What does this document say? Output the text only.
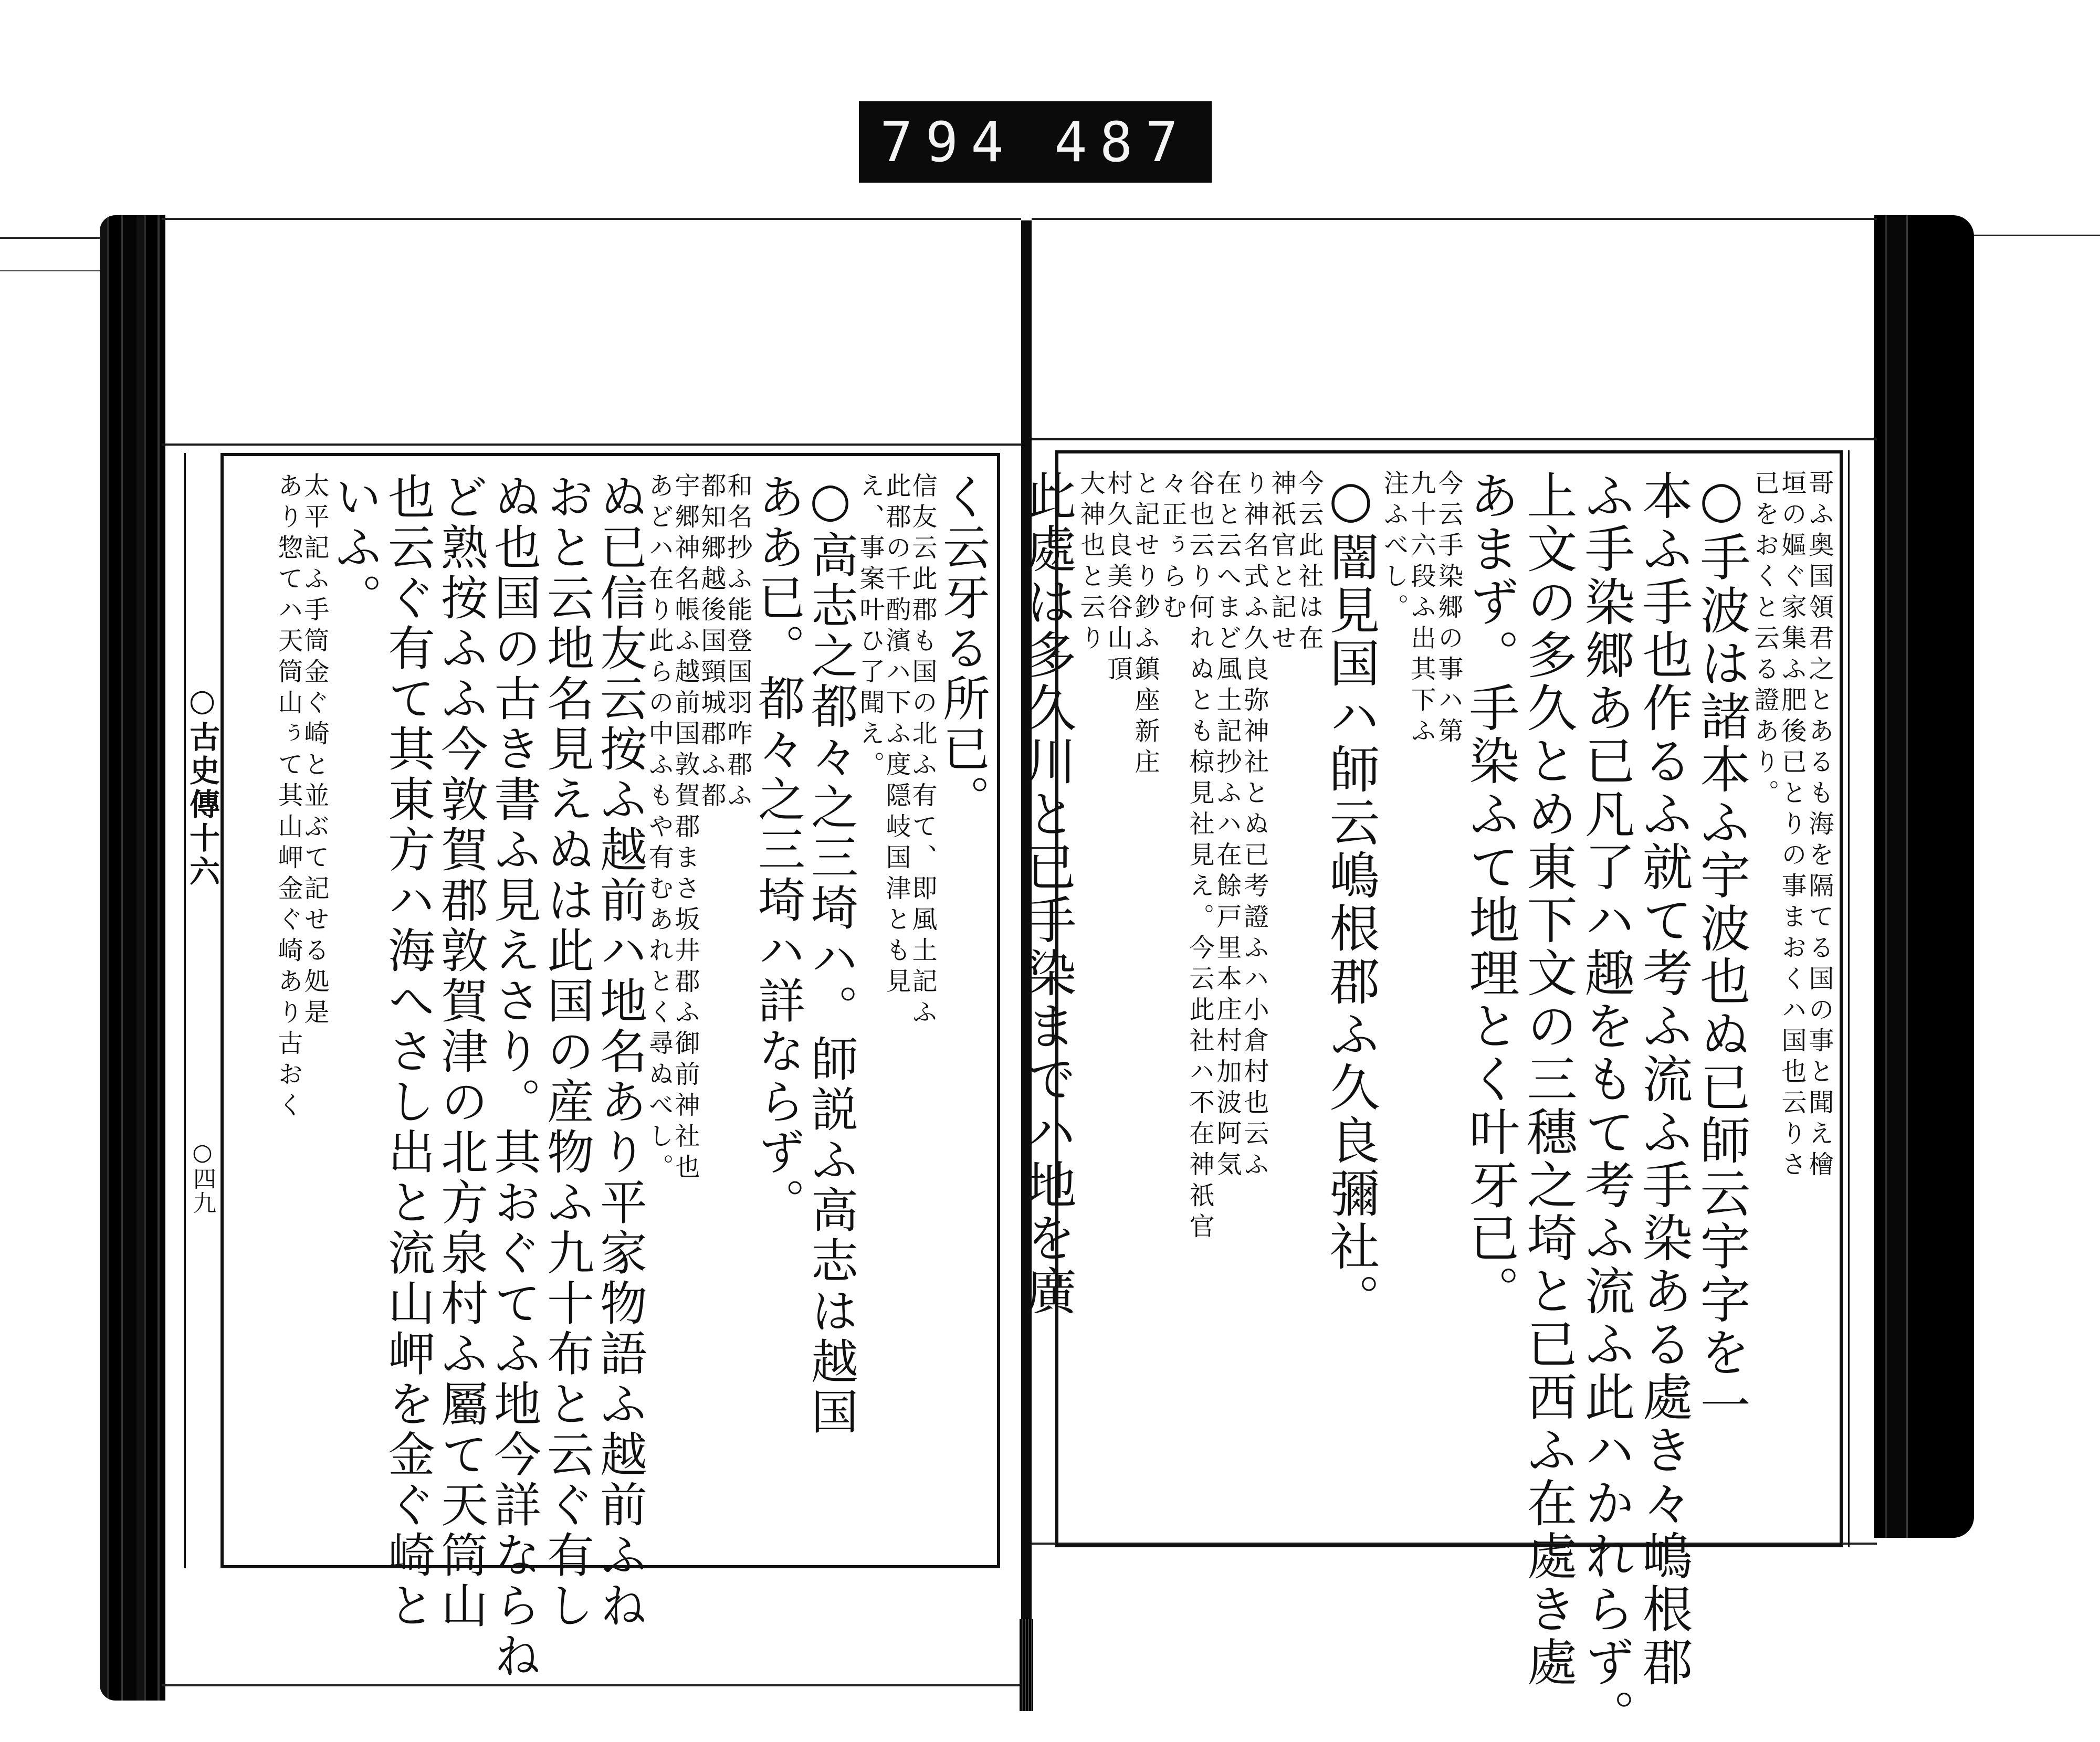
794 487
○古史傳十六
○四九
く云牙る所已。
信友云此郡も国の北ふ有て、即風土記ふ
此郡の千酌濱ハ下ふ度隠岐国津とも見
え、事案叶ひ了聞え。
○高志之都々之三埼ハ。師説ふ高志は越国
ああ已。都々之三埼ハ詳ならず。
和名抄ふ能登国羽咋郡ふ
都知郷越後国頸城郡ふ都
宇郷神名帳ふ越前国敦賀郡まさ坂井郡ふ御前神社也
あどハ在り此らの中ふもや有むあれとく尋ぬべし。
ぬ已信友云按ふ越前ハ地名あり平家物語ふ越前ふね
おと云地名見えぬは此国の産物ふ九十布と云ぐ有し
ぬ也国の古き書ふ見えさり。其おぐてふ地今詳ならね
ど熟按ふふ今敦賀郡敦賀津の北方泉村ふ屬て天筒山
也云ぐ有て其東方ハ海へさし出と流山岬を金ぐ崎と
いふ。
太平記ふ手筒金ぐ崎と並ぶて記せる処是
あり惣てハ天筒山ぅて其山岬金ぐ崎あり古おく	哥ふ奥国領君之とあるも海を隔てる国の事と聞え檜
垣の嫗ぐ家集ふ肥後已とりの事まおくハ国也云りさ
已をおくと云る證あり。
○手波は諸本ふ宇波也ぬ已師云宇字を一
本ふ手也作るふ就て考ふ流ふ手染ある處き々嶋根郡
ふ手染郷あ已凡了ハ趣をもて考ふ流ふ此ハかれらず。
上文の多久とめ東下文の三穗之埼と已西ふ在處き處
あまず。手染ふて地理とく叶牙已。
今云手染郷の事ハ第
九十六段ふ出其下ふ
注ふべし。
○闇見国ハ師云嶋根郡ふ久良彌社。
今云此社は在
神祇官と記せ
り神名式ふ久良弥神社とぬ已考證ふハ小倉村也云ふ
在と云へまど風土記抄ふハ在餘戸里本庄村加波阿気
谷也云り何れぬとも椋見社見え。今云此社ハ不在神祇官
々正ぅらむ
と記せり鈔ふ鎮座新庄
村久良美谷山頂
大神也と云り
此處は多久川と已手染までハ地を廣
